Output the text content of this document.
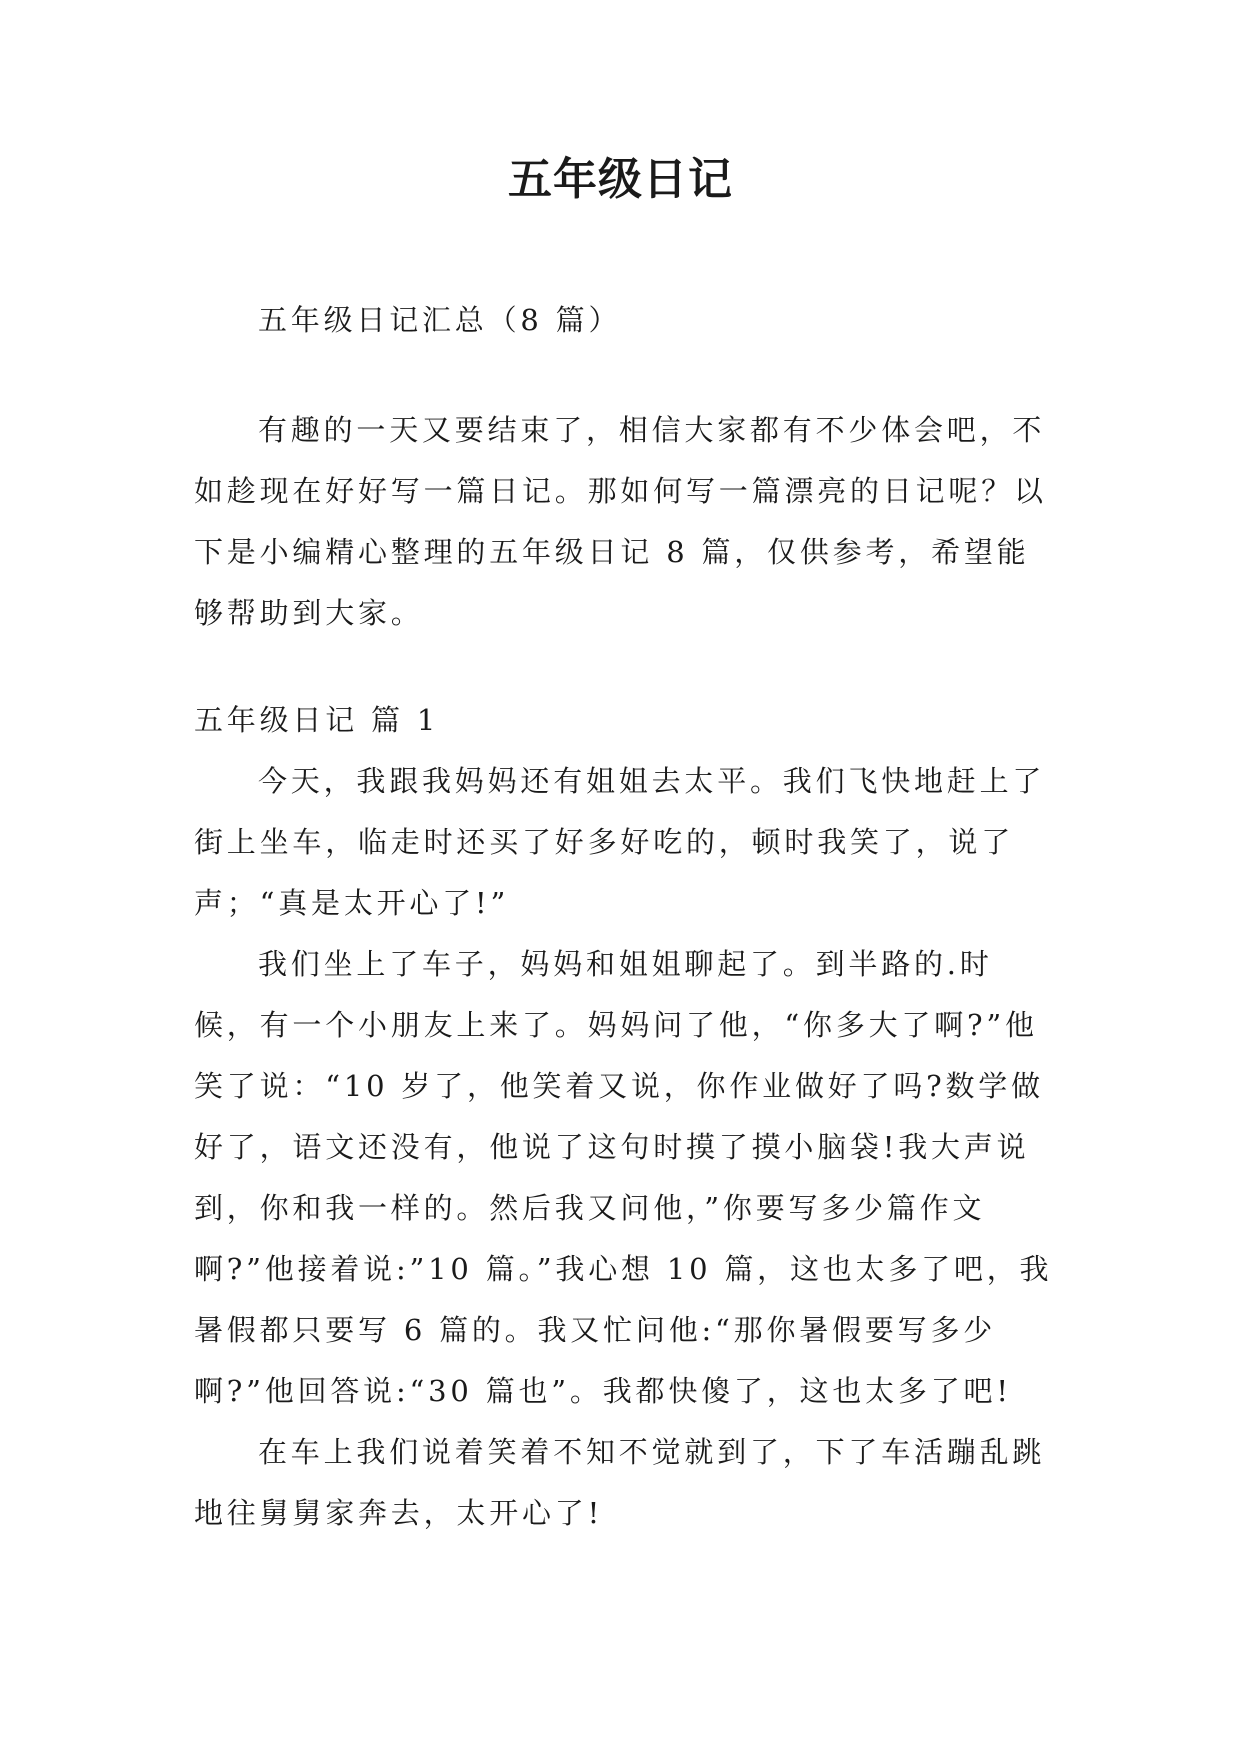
五年级日记
五年级日记汇总（8 篇）

有趣的一天又要结束了，相信大家都有不少体会吧，不如趁现在好好写一篇日记。那如何写一篇漂亮的日记呢？以下是小编精心整理的五年级日记 8 篇，仅供参考，希望能够帮助到大家。

五年级日记 篇 1

今天，我跟我妈妈还有姐姐去太平。我们飞快地赶上了街上坐车，临走时还买了好多好吃的，顿时我笑了，说了声；“真是太开心了!”

我们坐上了车子，妈妈和姐姐聊起了。到半路的.时候，有一个小朋友上来了。妈妈问了他，“你多大了啊?”他笑了说：“10 岁了，他笑着又说，你作业做好了吗?数学做好了，语文还没有，他说了这句时摸了摸小脑袋!我大声说到，你和我一样的。然后我又问他，”你要写多少篇作文啊?”他接着说:”10 篇。”我心想 10 篇，这也太多了吧，我暑假都只要写 6 篇的。我又忙问他:“那你暑假要写多少啊?”他回答说:“30 篇也”。我都快傻了，这也太多了吧!

在车上我们说着笑着不知不觉就到了，下了车活蹦乱跳地往舅舅家奔去，太开心了!
